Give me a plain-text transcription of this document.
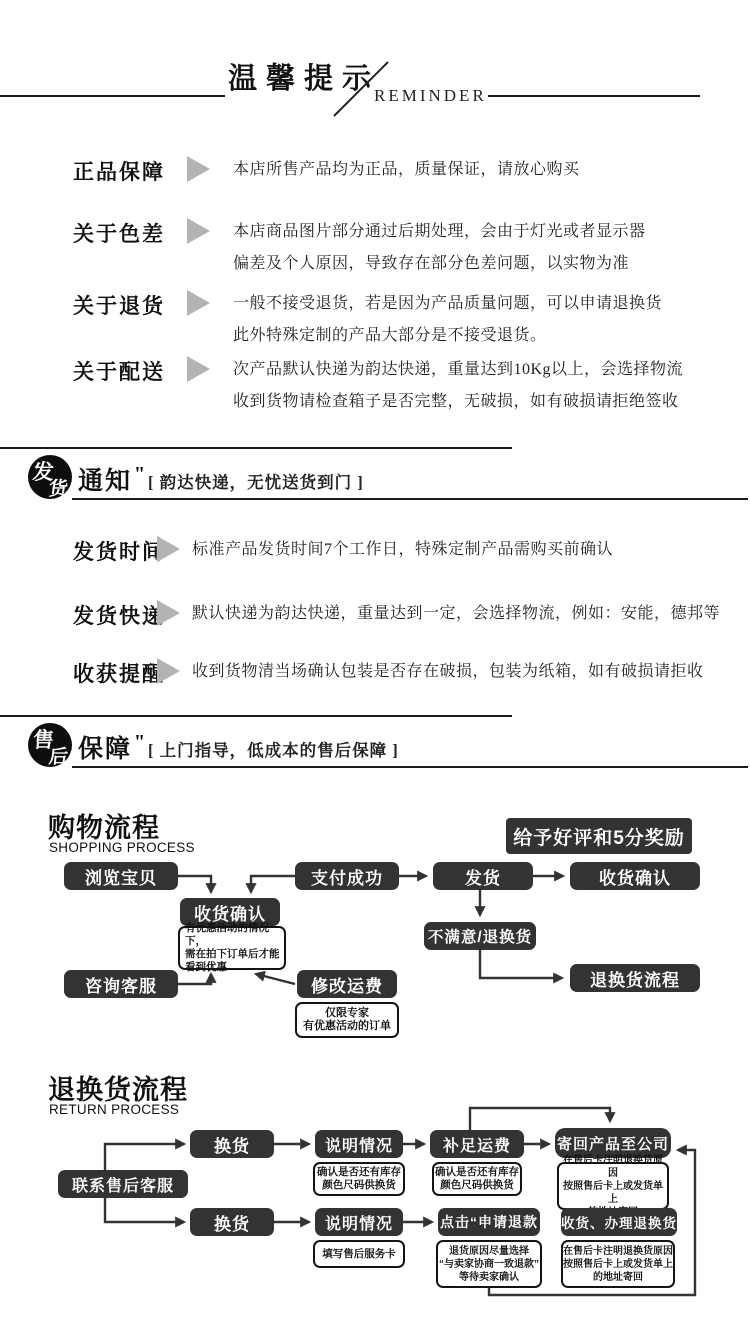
温馨提示
REMINDER
正品保障	本店所售产品均为正品，质量保证，请放心购买
关于色差	本店商品图片部分通过后期处理，会由于灯光或者显示器
偏差及个人原因，导致存在部分色差问题，以实物为准
关于退货	一般不接受退货，若是因为产品质量问题，可以申请退换货
此外特殊定制的产品大部分是不接受退货。
关于配送	次产品默认快递为韵达快递，重量达到10Kg以上，会选择物流
收到货物请检查箱子是否完整，无破损，如有破损请拒绝签收
发
货 通知 " [ 韵达快递，无忧送货到门 ]
发货时间 标准产品发货时间7个工作日，特殊定制产品需购买前确认
发货快递 默认快递为韵达快递，重量达到一定，会选择物流，例如：安能，德邦等
收获提醒 收到货物清当场确认包装是否存在破损，包装为纸箱，如有破损请拒收
售
后 保障 " [ 上门指导，低成本的售后保障 ]
购物流程
SHOPPING PROCESS	给予好评和5分奖励
浏览宝贝	支付成功	发货	收货确认
收货确认
有优惠活动的情况下，
需在拍下订单后才能
看到优惠
咨询客服	修改运费
仅限专家
有优惠活动的订单
不满意/退换货
退换货流程
退换货流程
RETURN PROCESS
联系售后客服
换货	说明情况
确认是否还有库存
颜色尺码供换货
补足运费
确认是否还有库存
颜色尺码供换货
寄回产品至公司
在售后卡注明退换货原因
按照售后卡上或发货单上
换货	说明情况
填写售后服务卡
点击“申请退款
退货原因尽量选择
“与卖家协商一致退款”
等待卖家确认
收货、办理退换货
在售后卡注明退换货原因
按照售后卡上或发货单上
的地址寄回
